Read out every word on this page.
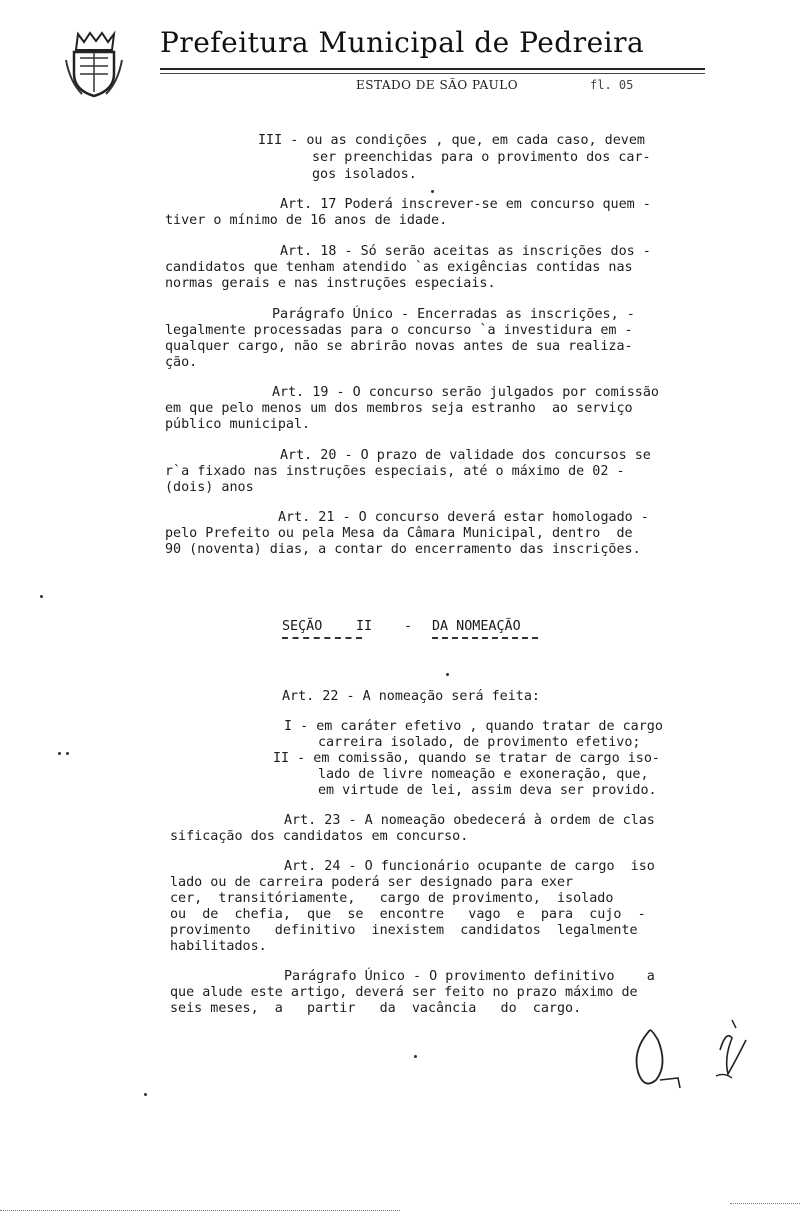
Prefeitura Municipal de Pedreira
ESTADO DE SÃO PAULO	fl. 05
III - ou as condições , que, em cada caso, devem
ser preenchidas para o provimento dos car-
gos isolados.
Art. 17 Poderá inscrever-se em concurso quem -
tiver o mínimo de 16 anos de idade.
Art. 18 - Só serão aceitas as inscrições dos -
candidatos que tenham atendido `as exigências contidas nas
normas gerais e nas instruções especiais.
Parágrafo Único - Encerradas as inscrições, -
legalmente processadas para o concurso `a investidura em -
qualquer cargo, não se abrirão novas antes de sua realiza-
ção.
Art. 19 - O concurso serão julgados por comissão
em que pelo menos um dos membros seja estranho  ao serviço
público municipal.
Art. 20 - O prazo de validade dos concursos se
r`a fixado nas instruções especiais, até o máximo de 02 -
(dois) anos
Art. 21 - O concurso deverá estar homologado -
pelo Prefeito ou pela Mesa da Câmara Municipal, dentro  de
90 (noventa) dias, a contar do encerramento das inscrições.
SEÇÃO	II - DA NOMEAÇÃO
Art. 22 - A nomeação será feita:
I - em caráter efetivo , quando tratar de cargo
carreira isolado, de provimento efetivo;
II - em comissão, quando se tratar de cargo iso-
lado de livre nomeação e exoneração, que,
em virtude de lei, assim deva ser provido.
Art. 23 - A nomeação obedecerá à ordem de clas
sificação dos candidatos em concurso.
Art. 24 - O funcionário ocupante de cargo  iso
lado ou de carreira poderá ser designado para exer
cer,  transitóriamente,   cargo de provimento,  isolado
ou  de  chefia,  que  se  encontre   vago  e  para  cujo  -
provimento   definitivo  inexistem  candidatos  legalmente
habilitados.
Parágrafo Único - O provimento definitivo    a
que alude este artigo, deverá ser feito no prazo máximo de
seis meses,  a   partir   da  vacância   do  cargo.
